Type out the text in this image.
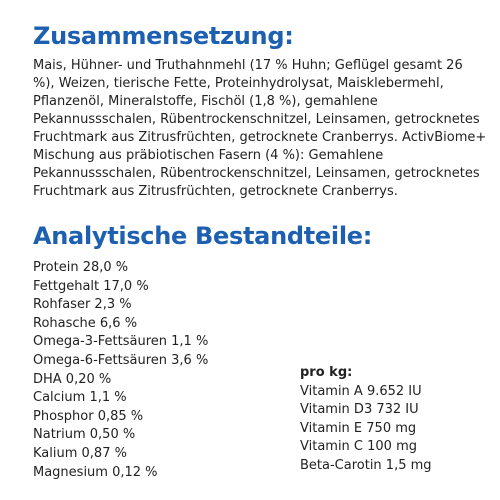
Zusammensetzung:

Mais, Hühner- und Truthahnmehl (17 % Huhn; Geflügel gesamt 26 %), Weizen, tierische Fette, Proteinhydrolysat, Maisklebermehl, Pflanzenöl, Mineralstoffe, Fischöl (1,8 %), gemahlene Pekannussschalen, Rübentrockenschnitzel, Leinsamen, getrocknetes Fruchtmark aus Zitrusfrüchten, getrocknete Cranberrys. ActivBiome+ Mischung aus präbiotischen Fasern (4 %): Gemahlene Pekannussschalen, Rübentrockenschnitzel, Leinsamen, getrocknetes Fruchtmark aus Zitrusfrüchten, getrocknete Cranberrys.

Analytische Bestandteile:
Protein 28,0 %
Fettgehalt 17,0 %
Rohfaser 2,3 %
Rohasche 6,6 %
Omega-3-Fettsäuren 1,1 %
Omega-6-Fettsäuren 3,6 %
DHA 0,20 %
Calcium 1,1 %
Phosphor 0,85 %
Natrium 0,50 %
Kalium 0,87 %
Magnesium 0,12 %
pro kg:
Vitamin A 9.652 IU
Vitamin D3 732 IU
Vitamin E 750 mg
Vitamin C 100 mg
Beta-Carotin 1,5 mg
